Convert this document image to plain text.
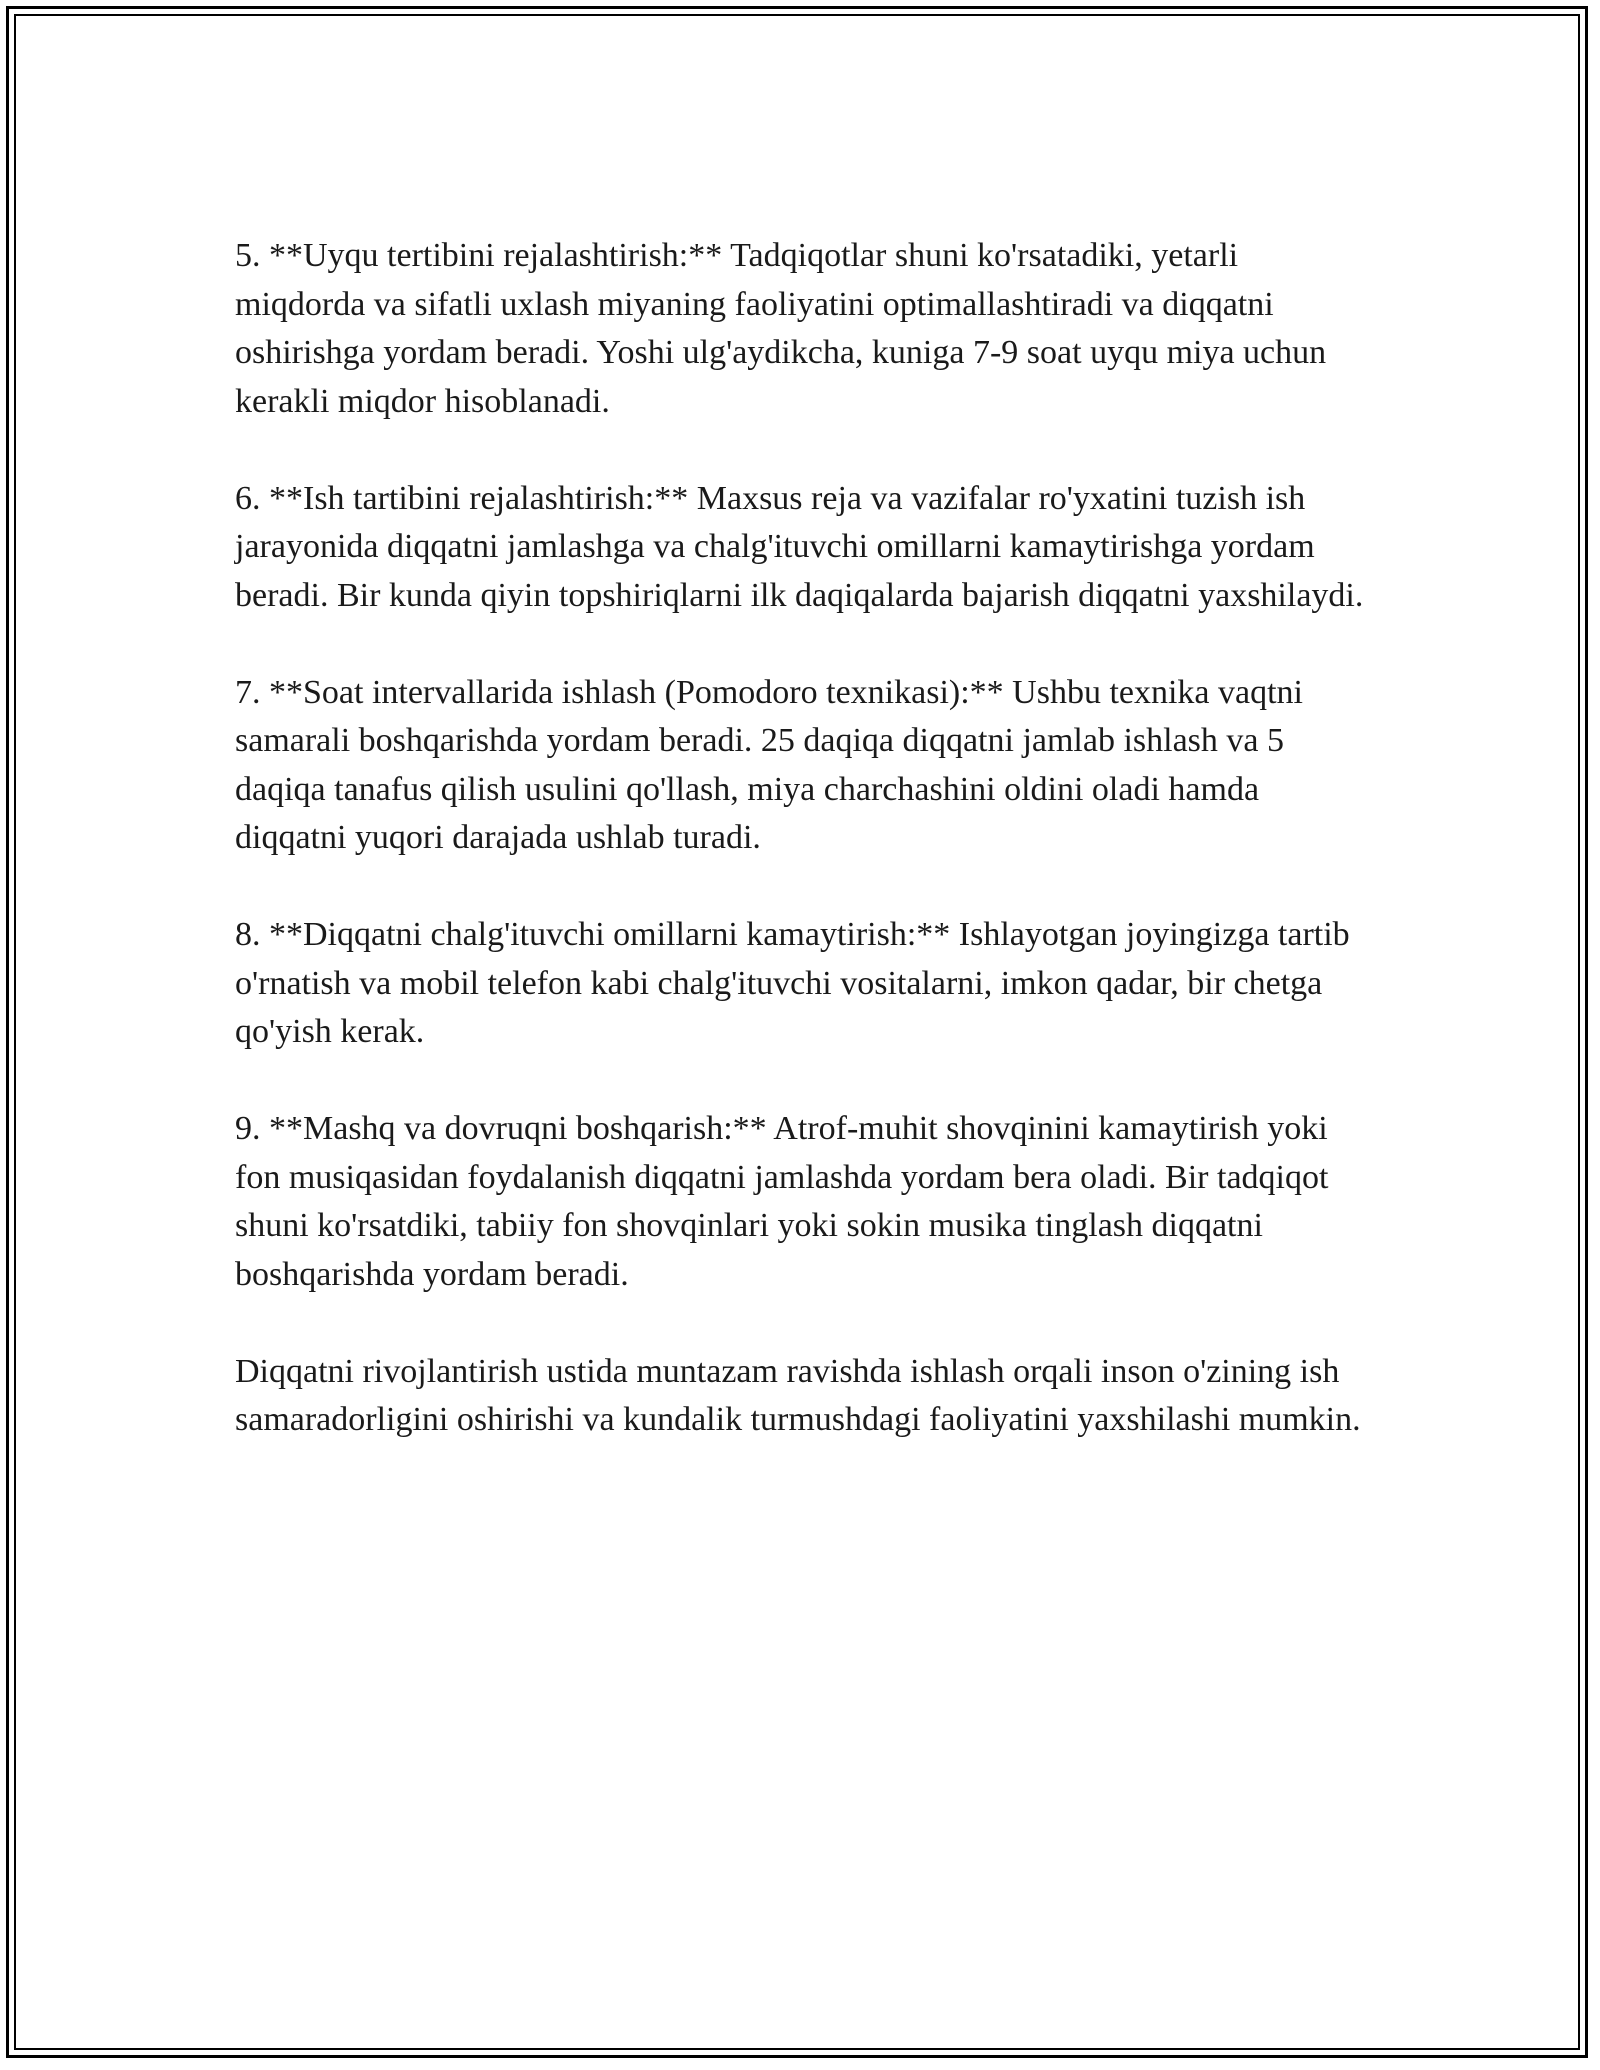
5. **Uyqu tertibini rejalashtirish:** Tadqiqotlar shuni ko'rsatadiki, yetarli miqdorda va sifatli uxlash miyaning faoliyatini optimallashtiradi va diqqatni oshirishga yordam beradi. Yoshi ulg'aydikcha, kuniga 7-9 soat uyqu miya uchun kerakli miqdor hisoblanadi.

6. **Ish tartibini rejalashtirish:** Maxsus reja va vazifalar ro'yxatini tuzish ish jarayonida diqqatni jamlashga va chalg'ituvchi omillarni kamaytirishga yordam beradi. Bir kunda qiyin topshiriqlarni ilk daqiqalarda bajarish diqqatni yaxshilaydi.

7. **Soat intervallarida ishlash (Pomodoro texnikasi):** Ushbu texnika vaqtni samarali boshqarishda yordam beradi. 25 daqiqa diqqatni jamlab ishlash va 5 daqiqa tanafus qilish usulini qo'llash, miya charchashini oldini oladi hamda diqqatni yuqori darajada ushlab turadi.

8. **Diqqatni chalg'ituvchi omillarni kamaytirish:** Ishlayotgan joyingizga tartib o'rnatish va mobil telefon kabi chalg'ituvchi vositalarni, imkon qadar, bir chetga qo'yish kerak.

9. **Mashq va dovruqni boshqarish:** Atrof-muhit shovqinini kamaytirish yoki fon musiqasidan foydalanish diqqatni jamlashda yordam bera oladi. Bir tadqiqot shuni ko'rsatdiki, tabiiy fon shovqinlari yoki sokin musika tinglash diqqatni boshqarishda yordam beradi.

Diqqatni rivojlantirish ustida muntazam ravishda ishlash orqali inson o'zining ish samaradorligini oshirishi va kundalik turmushdagi faoliyatini yaxshilashi mumkin.
